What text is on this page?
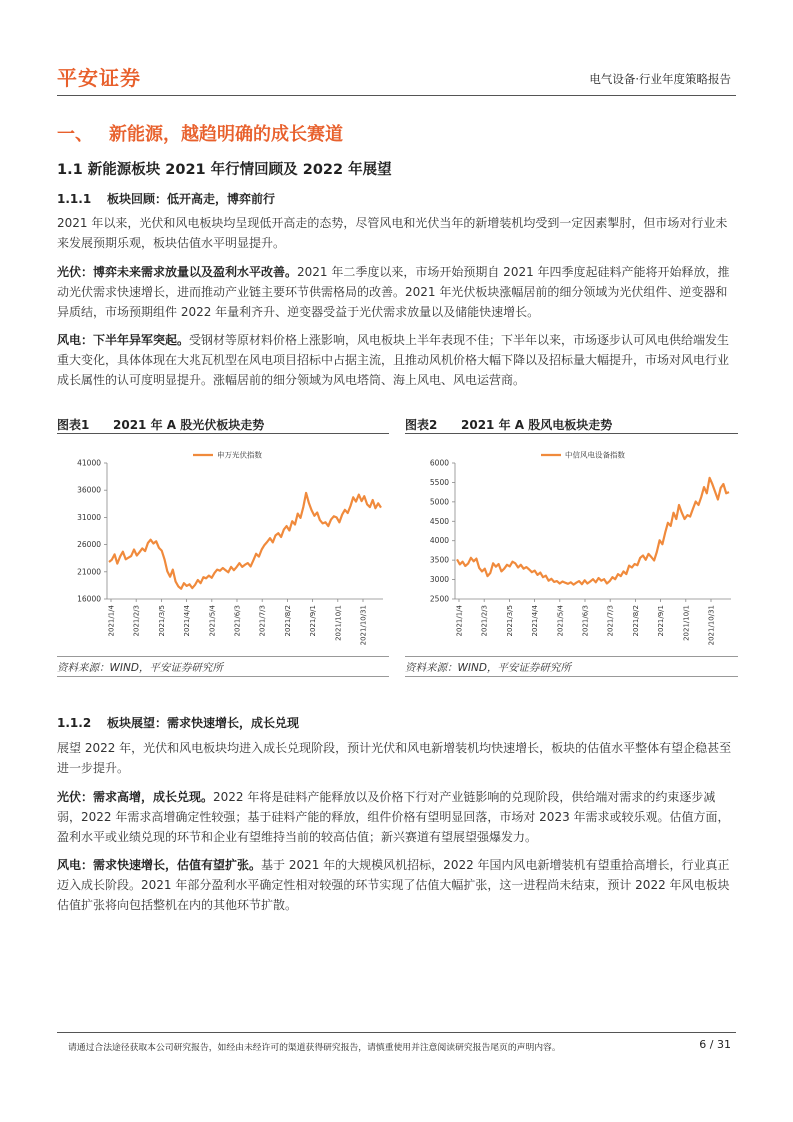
平安证券	电气设备·行业年度策略报告
一、 新能源，越趋明确的成长赛道
1.1 新能源板块 2021 年行情回顾及 2022 年展望
1.1.1 板块回顾：低开高走，博弈前行
2021 年以来，光伏和风电板块均呈现低开高走的态势，尽管风电和光伏当年的新增装机均受到一定因素掣肘，但市场对行业未来发展预期乐观，板块估值水平明显提升。
光伏：博弈未来需求放量以及盈利水平改善。2021 年二季度以来，市场开始预期自 2021 年四季度起硅料产能将开始释放，推动光伏需求快速增长，进而推动产业链主要环节供需格局的改善。2021 年光伏板块涨幅居前的细分领域为光伏组件、逆变器和异质结，市场预期组件 2022 年量利齐升、逆变器受益于光伏需求放量以及储能快速增长。
风电：下半年异军突起。受钢材等原材料价格上涨影响，风电板块上半年表现不佳；下半年以来，市场逐步认可风电供给端发生重大变化，具体体现在大兆瓦机型在风电项目招标中占据主流，且推动风机价格大幅下降以及招标量大幅提升，市场对风电行业成长属性的认可度明显提升。涨幅居前的细分领域为风电塔筒、海上风电、风电运营商。
图表1 2021 年 A 股光伏板块走势
16000
21000
26000
31000
36000
41000
2021/1/4 2021/2/3 2021/3/5 2021/4/4 2021/5/4 2021/6/3 2021/7/3 2021/8/2 2021/9/1 2021/10/1 2021/10/31
申万光伏指数
资料来源：WIND，平安证券研究所
图表2 2021 年 A 股风电板块走势
2500
3000
3500
4000
4500
5000
5500
6000
2021/1/4 2021/2/3 2021/3/5 2021/4/4 2021/5/4 2021/6/3 2021/7/3 2021/8/2 2021/9/1 2021/10/1 2021/10/31
中信风电设备指数
资料来源：WIND，平安证券研究所
1.1.2 板块展望：需求快速增长，成长兑现
展望 2022 年，光伏和风电板块均进入成长兑现阶段，预计光伏和风电新增装机均快速增长，板块的估值水平整体有望企稳甚至进一步提升。
光伏：需求高增，成长兑现。2022 年将是硅料产能释放以及价格下行对产业链影响的兑现阶段，供给端对需求的约束逐步减弱，2022 年需求高增确定性较强；基于硅料产能的释放，组件价格有望明显回落，市场对 2023 年需求或较乐观。估值方面，盈利水平或业绩兑现的环节和企业有望维持当前的较高估值；新兴赛道有望展望强爆发力。
风电：需求快速增长，估值有望扩张。基于 2021 年的大规模风机招标，2022 年国内风电新增装机有望重拾高增长，行业真正迈入成长阶段。2021 年部分盈利水平确定性相对较强的环节实现了估值大幅扩张，这一进程尚未结束，预计 2022 年风电板块估值扩张将向包括整机在内的其他环节扩散。
请通过合法途径获取本公司研究报告，如经由未经许可的渠道获得研究报告，请慎重使用并注意阅读研究报告尾页的声明内容。	6 / 31
